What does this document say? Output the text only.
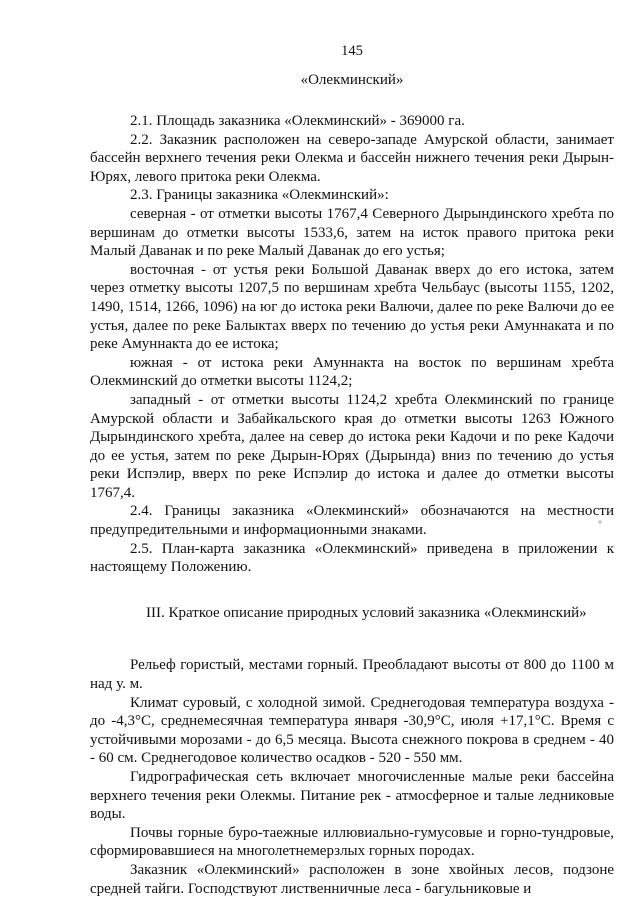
145
«Олекминский»

2.1. Площадь заказника «Олекминский» - 369000 га.

2.2. Заказник расположен на северо-западе Амурской области, занимает бассейн верхнего течения реки Олекма и бассейн нижнего течения реки Дырын-Юрях, левого притока реки Олекма.

2.3. Границы заказника «Олекминский»:

северная - от отметки высоты 1767,4 Северного Дырындинского хребта по вершинам до отметки высоты 1533,6, затем на исток правого притока реки Малый Даванак и по реке Малый Даванак до его устья;

восточная - от устья реки Большой Даванак вверх до его истока, затем через отметку высоты 1207,5 по вершинам хребта Чельбаус (высоты 1155, 1202, 1490, 1514, 1266, 1096) на юг до истока реки Валючи, далее по реке Валючи до ее устья, далее по реке Балыктах вверх по течению до устья реки Амуннаката и по реке Амуннакта до ее истока;

южная - от истока реки Амуннакта на восток по вершинам хребта Олекминский до отметки высоты 1124,2;

западный - от отметки высоты 1124,2 хребта Олекминский по границе Амурской области и Забайкальского края до отметки высоты 1263 Южного Дырындинского хребта, далее на север до истока реки Кадочи и по реке Кадочи до ее устья, затем по реке Дырын-Юрях (Дырында) вниз по течению до устья реки Испэлир, вверх по реке Испэлир до истока и далее до отметки высоты 1767,4.

2.4. Границы заказника «Олекминский» обозначаются на местности предупредительными и информационными знаками.

2.5. План-карта заказника «Олекминский» приведена в приложении к настоящему Положению.

III. Краткое описание природных условий заказника «Олекминский»

Рельеф гористый, местами горный. Преобладают высоты от 800 до 1100 м над у. м.

Климат суровый, с холодной зимой. Среднегодовая температура воздуха - до -4,3°С, среднемесячная температура января -30,9°С, июля +17,1°С. Время с устойчивыми морозами - до 6,5 месяца. Высота снежного покрова в среднем - 40 - 60 см. Среднегодовое количество осадков - 520 - 550 мм.

Гидрографическая сеть включает многочисленные малые реки бассейна верхнего течения реки Олекмы. Питание рек - атмосферное и талые ледниковые воды.

Почвы горные буро-таежные иллювиально-гумусовые и горно-тундровые, сформировавшиеся на многолетнемерзлых горных породах.

Заказник «Олекминский» расположен в зоне хвойных лесов, подзоне средней тайги. Господствуют лиственничные леса - багульниковые и
